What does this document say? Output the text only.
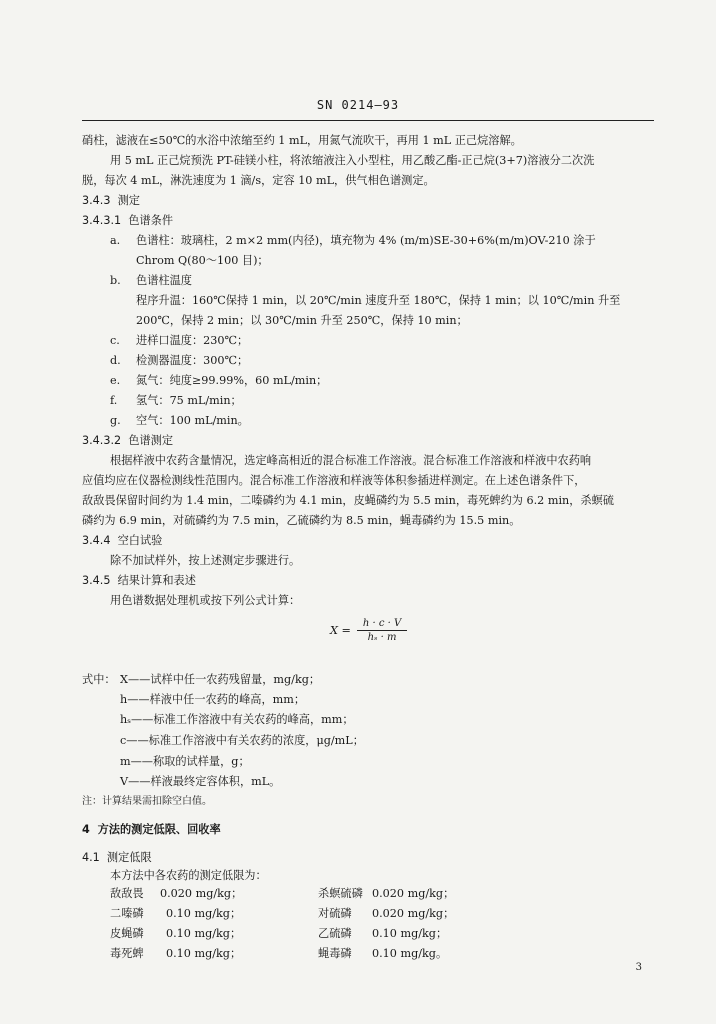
SN 0214—93
硝柱，滤液在≤50℃的水浴中浓缩至约 1 mL，用氮气流吹干，再用 1 mL 正己烷溶解。
用 5 mL 正己烷预洗 PT-硅镁小柱，将浓缩液注入小型柱，用乙酸乙酯-正己烷(3+7)溶液分二次洗
脱，每次 4 mL，淋洗速度为 1 滴/s，定容 10 mL，供气相色谱测定。
3.4.3 测定
3.4.3.1 色谱条件
a. 色谱柱：玻璃柱，2 m×2 mm(内径)，填充物为 4% (m/m)SE-30+6%(m/m)OV-210 涂于
Chrom Q(80～100 目)；
b. 色谱柱温度
程序升温：160℃保持 1 min，以 20℃/min 速度升至 180℃，保持 1 min；以 10℃/min 升至
200℃，保持 2 min；以 30℃/min 升至 250℃，保持 10 min；
c. 进样口温度：230℃；
d. 检测器温度：300℃；
e. 氮气：纯度≥99.99%，60 mL/min；
f. 氢气：75 mL/min；
g. 空气：100 mL/min。
3.4.3.2 色谱测定
根据样液中农药含量情况，选定峰高相近的混合标准工作溶液。混合标准工作溶液和样液中农药响
应值均应在仪器检测线性范围内。混合标准工作溶液和样液等体积参插进样测定。在上述色谱条件下，
敌敌畏保留时间约为 1.4 min，二嗪磷约为 4.1 min，皮蝇磷约为 5.5 min，毒死蜱约为 6.2 min，杀螟硫
磷约为 6.9 min，对硫磷约为 7.5 min，乙硫磷约为 8.5 min，蝇毒磷约为 15.5 min。
3.4.4 空白试验
除不加试样外，按上述测定步骤进行。
3.4.5 结果计算和表述
用色谱数据处理机或按下列公式计算：
$X = \frac{h \cdot c \cdot V}{\text{hₛ · m}}$
式中： X——试样中任一农药残留量，mg/kg；
h——样液中任一农药的峰高，mm；
hₛ——标准工作溶液中有关农药的峰高，mm；
c——标准工作溶液中有关农药的浓度，μg/mL；
m——称取的试样量，g；
V——样液最终定容体积，mL。
注：计算结果需扣除空白值。
4 方法的测定低限、回收率
4.1 测定低限
本方法中各农药的测定低限为：
敌敌畏 0.020 mg/kg；	杀螟硫磷 0.020 mg/kg；
二嗪磷 0.10 mg/kg；	对硫磷 0.020 mg/kg；
皮蝇磷 0.10 mg/kg；	乙硫磷 0.10 mg/kg；
毒死蜱 0.10 mg/kg；	蝇毒磷 0.10 mg/kg。
3
